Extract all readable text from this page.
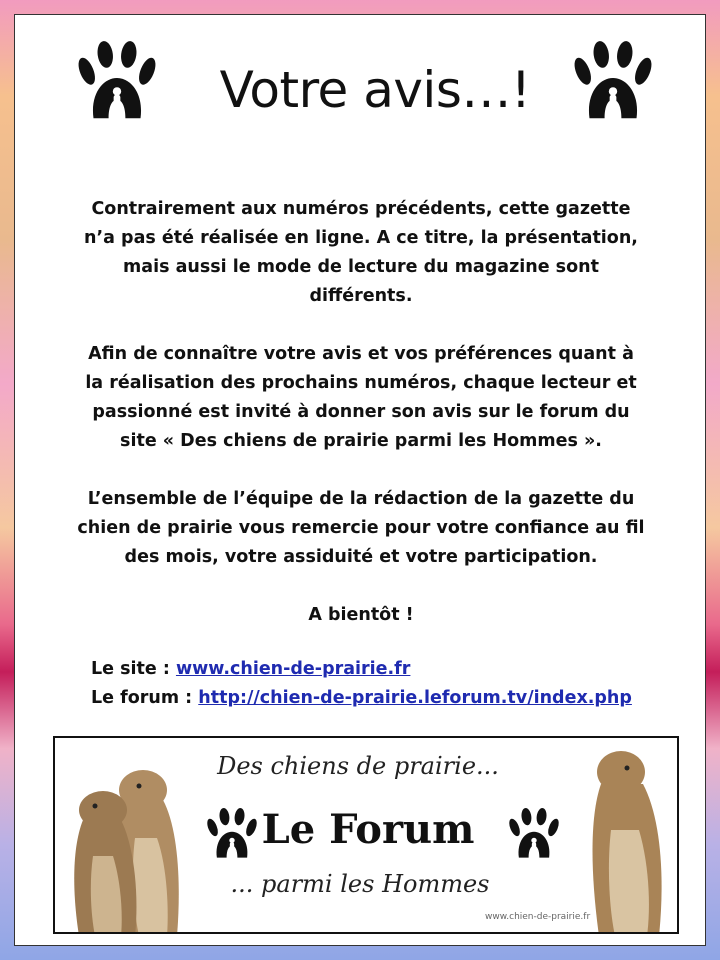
Votre avis…!

Contrairement aux numéros précédents, cette gazette n’a pas été réalisée en ligne. A ce titre, la présentation, mais aussi le mode de lecture du magazine sont différents.

Afin de connaître votre avis et vos préférences quant à la réalisation des prochains numéros, chaque lecteur et passionné est invité à donner son avis sur le forum du site « Des chiens de prairie parmi les Hommes ».

L’ensemble de l’équipe de la rédaction de la gazette du chien de prairie vous remercie pour votre confiance au fil des mois, votre assiduité et votre participation.

A bientôt !

Le site : www.chien-de-prairie.fr
Le forum : http://chien-de-prairie.leforum.tv/index.php
Des chiens de prairie...
Le Forum
... parmi les Hommes
www.chien-de-prairie.fr
